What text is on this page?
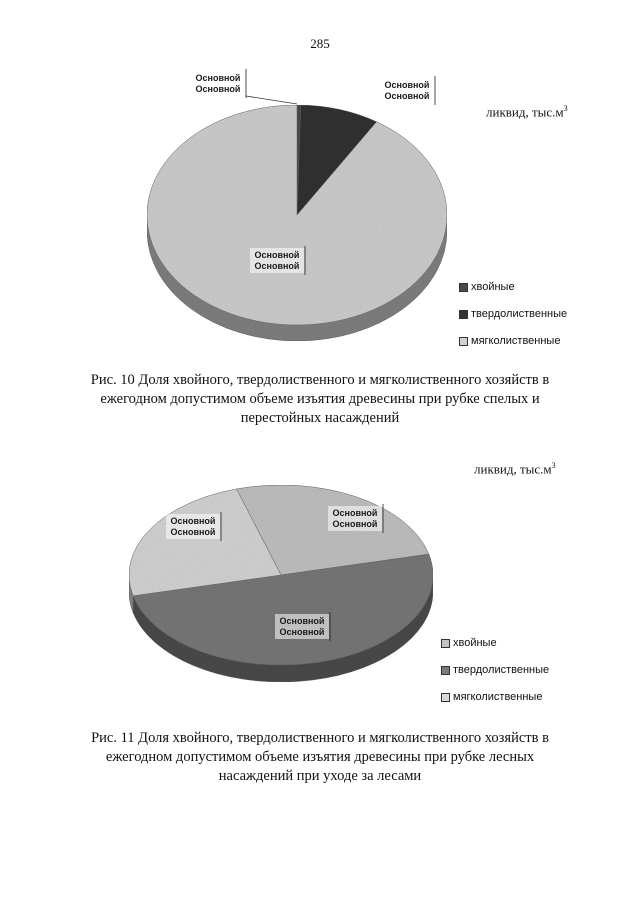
Основной
Основной	Основной
Основной
Основной
Основной
Основной
Основной
Основной
Основной
Основной
Основной
285
ликвид, $тыс.м^3$
хвойные
твердолиственные
мягколиственные
Рис. 10 Доля хвойного, твердолиственного и мягколиственного хозяйств в
ежегодном допустимом объеме изъятия древесины при рубке спелых и
перестойных насаждений
ликвид, $тыс.м^3$
хвойные
твердолиственные
мягколиственные
Рис. 11 Доля хвойного, твердолиственного и мягколиственного хозяйств в
ежегодном допустимом объеме изъятия древесины при рубке лесных
насаждений при уходе за лесами
